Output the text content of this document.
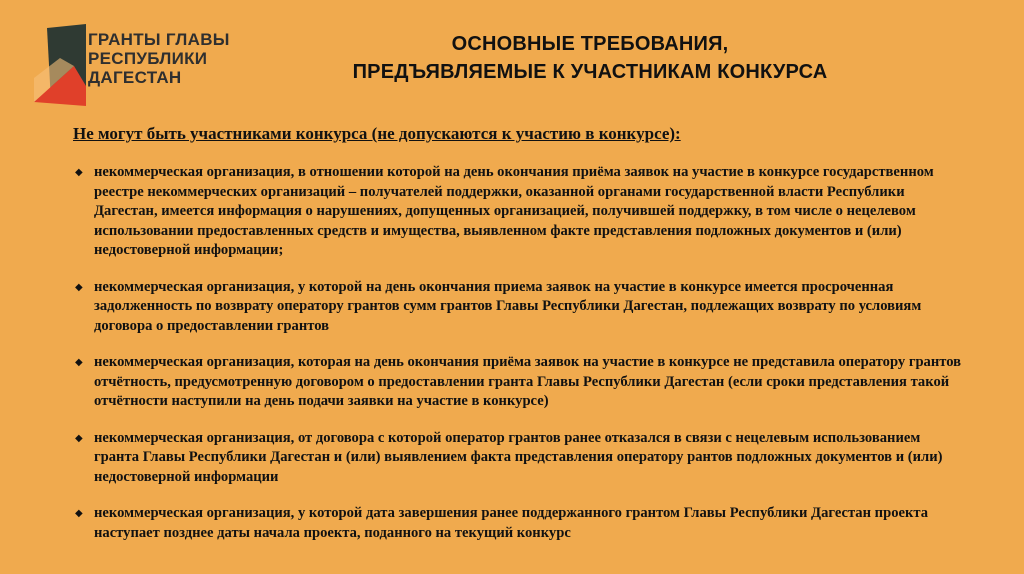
ГРАНТЫ ГЛАВЫ
РЕСПУБЛИКИ
ДАГЕСТАН
ОСНОВНЫЕ ТРЕБОВАНИЯ,
ПРЕДЪЯВЛЯЕМЫЕ К УЧАСТНИКАМ КОНКУРСА
Не могут быть участниками конкурса (не допускаются к участию в конкурсе):
◆ некоммерческая организация, в отношении которой на день окончания приёма заявок на участие в конкурсе государственном реестре некоммерческих организаций – получателей поддержки, оказанной органами государственной власти Республики Дагестан, имеется информация о нарушениях, допущенных организацией, получившей поддержку, в том числе о нецелевом использовании предоставленных средств и имущества, выявленном факте представления подложных документов и (или) недостоверной информации;
◆ некоммерческая организация, у которой на день окончания приема заявок на участие в конкурсе имеется просроченная задолженность по возврату оператору грантов сумм грантов Главы Республики Дагестан, подлежащих возврату по условиям договора о предоставлении грантов
◆ некоммерческая организация, которая на день окончания приёма заявок на участие в конкурсе не представила оператору грантов отчётность, предусмотренную договором о предоставлении гранта Главы Республики Дагестан (если сроки представления такой отчётности наступили на день подачи заявки на участие в конкурсе)
◆ некоммерческая организация, от договора с которой оператор грантов ранее отказался в связи с нецелевым использованием гранта Главы Республики Дагестан и (или) выявлением факта представления оператору рантов подложных документов и (или) недостоверной информации
◆ некоммерческая организация, у которой дата завершения ранее поддержанного грантом Главы Республики Дагестан проекта наступает позднее даты начала проекта, поданного на текущий конкурс
